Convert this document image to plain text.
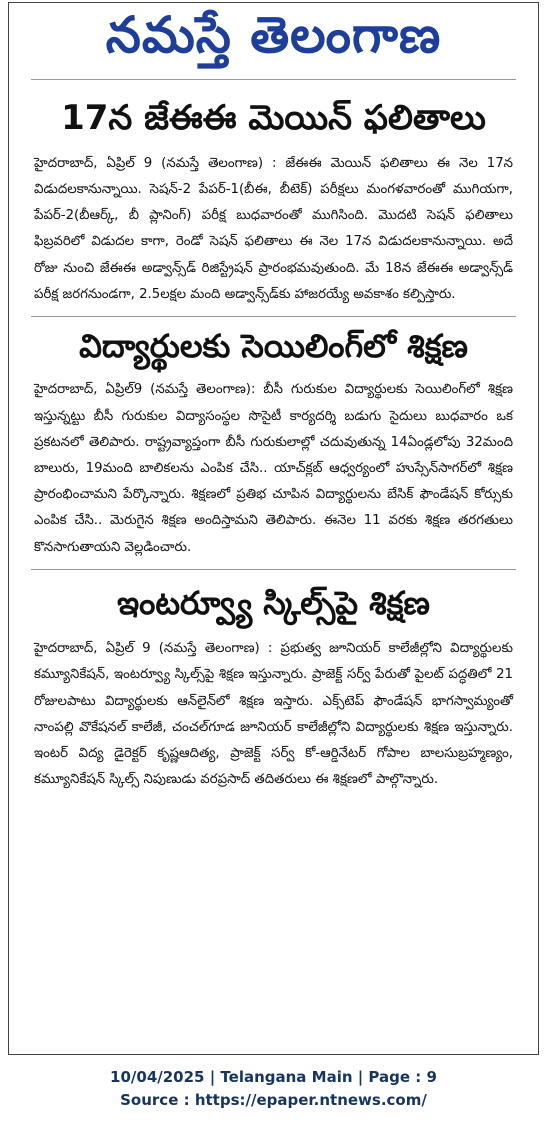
నమస్తే తెలంగాణ
17న జేఈఈ మెయిన్ ఫలితాలు
హైదరాబాద్, ఏప్రిల్ 9 (నమస్తే తెలంగాణ) : జేఈఈ మెయిన్ ఫలితాలు ఈ నెల 17న విడుదలకానున్నాయి. సెషన్-2 పేపర్-1(బీఈ, బీటెక్) పరీక్షలు మంగళవారంతో ముగియగా, పేపర్-2(బీఆర్క్, బీ ప్లానింగ్) పరీక్ష బుధవారంతో ముగిసింది. మొదటి సెషన్ ఫలితాలు ఫిబ్రవరిలో విడుదల కాగా, రెండో సెషన్ ఫలితాలు ఈ నెల 17న విడుదలకానున్నాయి. అదే రోజు నుంచి జేఈఈ అడ్వాన్స్‌డ్ రిజిస్ట్రేషన్ ప్రారంభమవుతుంది. మే 18న జేఈఈ అడ్వాన్స్‌డ్ పరీక్ష జరగనుండగా, 2.5లక్షల మంది అడ్వాన్స్‌డ్‌కు హాజరయ్యే అవకాశం కల్పిస్తారు.
విద్యార్థులకు సెయిలింగ్‌లో శిక్షణ
హైదరాబాద్, ఏప్రిల్9 (నమస్తే తెలంగాణ): బీసీ గురుకుల విద్యార్థులకు సెయిలింగ్‌లో శిక్షణ ఇస్తున్నట్టు బీసీ గురుకుల విద్యాసంస్థల సొసైటీ కార్యదర్శి బడుగు సైదులు బుధవారం ఒక ప్రకటనలో తెలిపారు. రాష్ట్రవ్యాప్తంగా బీసీ గురుకులాల్లో చదువుతున్న 14ఏండ్లలోపు 32మంది బాలురు, 19మంది బాలికలను ఎంపిక చేసి.. యాచ్‌క్లబ్ ఆధ్వర్యంలో హుస్సేన్‌సాగర్‌లో శిక్షణ ప్రారంభించామని పేర్కొన్నారు. శిక్షణలో ప్రతిభ చూపిన విద్యార్థులను బేసిక్ ఫౌండేషన్ కోర్సుకు ఎంపిక చేసి.. మెరుగైన శిక్షణ అందిస్తామని తెలిపారు. ఈనెల 11 వరకు శిక్షణ తరగతులు కొనసాగుతాయని వెల్లడించారు.
ఇంటర్వ్యూ స్కిల్స్‌పై శిక్షణ
హైదరాబాద్, ఏప్రిల్ 9 (నమస్తే తెలంగాణ) : ప్రభుత్వ జూనియర్ కాలేజీల్లోని విద్యార్థులకు కమ్యూనికేషన్, ఇంటర్వ్యూ స్కిల్స్‌పై శిక్షణ ఇస్తున్నారు. ప్రాజెక్ట్ సర్వ్ పేరుతో పైలట్ పద్ధతిలో 21 రోజులపాటు విద్యార్థులకు ఆన్‌లైన్‌లో శిక్షణ ఇస్తారు. ఎక్స్‌టెప్ ఫౌండేషన్ భాగస్వామ్యంతో నాంపల్లి వొకేషనల్ కాలేజీ, చంచల్‌గూడ జూనియర్ కాలేజీల్లోని విద్యార్థులకు శిక్షణ ఇస్తున్నారు. ఇంటర్ విద్య డైరెక్టర్ కృష్ణఆదిత్య, ప్రాజెక్ట్ సర్వ్ కో-ఆర్డినేటర్ గోపాల బాలసుబ్రహ్మణ్యం, కమ్యూనికేషన్ స్కిల్స్ నిపుణుడు వరప్రసాద్ తదితరులు ఈ శిక్షణలో పాల్గొన్నారు.
10/04/2025 | Telangana Main | Page : 9
Source : https://epaper.ntnews.com/
